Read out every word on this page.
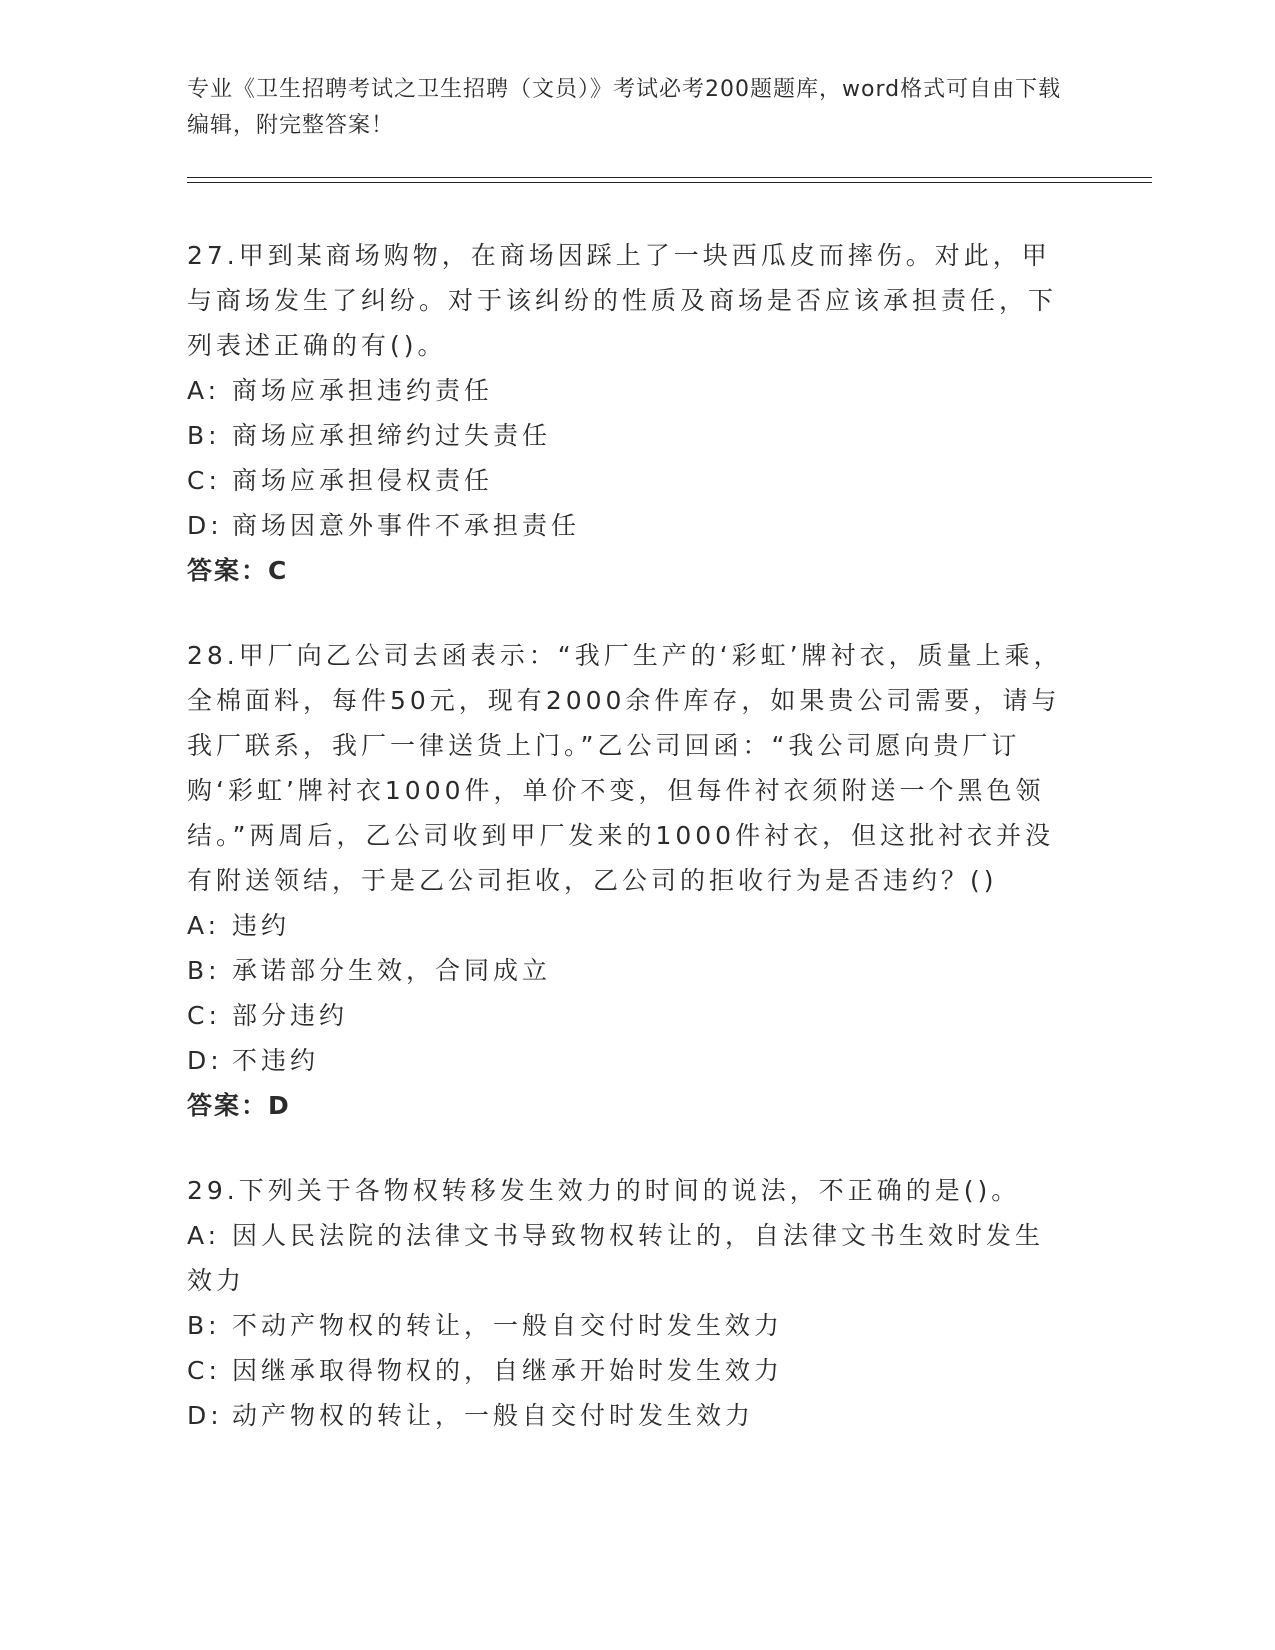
专业《卫生招聘考试之卫生招聘（文员）》考试必考200题题库，word格式可自由下载编辑，附完整答案！

27.甲到某商场购物，在商场因踩上了一块西瓜皮而摔伤。对此，甲与商场发生了纠纷。对于该纠纷的性质及商场是否应该承担责任，下列表述正确的有()。

A: 商场应承担违约责任

B: 商场应承担缔约过失责任

C: 商场应承担侵权责任

D: 商场因意外事件不承担责任

答案：C

28.甲厂向乙公司去函表示：“我厂生产的‘彩虹’牌衬衣，质量上乘，全棉面料，每件50元，现有2000余件库存，如果贵公司需要，请与我厂联系，我厂一律送货上门。”乙公司回函：“我公司愿向贵厂订购‘彩虹’牌衬衣1000件，单价不变，但每件衬衣须附送一个黑色领结。”两周后，乙公司收到甲厂发来的1000件衬衣，但这批衬衣并没有附送领结，于是乙公司拒收，乙公司的拒收行为是否违约？()

A: 违约

B: 承诺部分生效，合同成立

C: 部分违约

D: 不违约

答案：D

29.下列关于各物权转移发生效力的时间的说法，不正确的是()。

A: 因人民法院的法律文书导致物权转让的，自法律文书生效时发生效力

B: 不动产物权的转让，一般自交付时发生效力

C: 因继承取得物权的，自继承开始时发生效力

D: 动产物权的转让，一般自交付时发生效力
